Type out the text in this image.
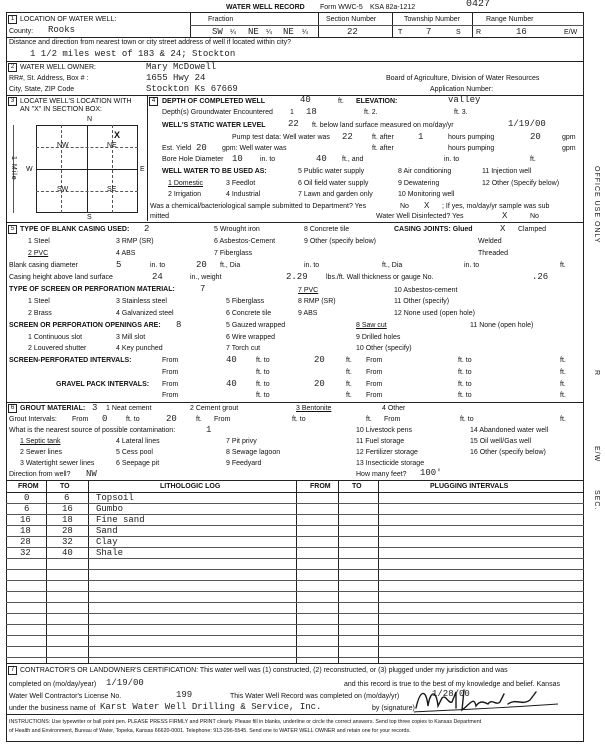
WATER WELL RECORD Form WWC-5 KSA 82a-1212	0427
1 LOCATION OF WATER WELL:	Fraction	Section Number	Township Number	Range Number
County: Rooks	SW ¼ NE ¼ NE ¼	22	T	7	S R	16	E/W
Distance and direction from nearest town or city street address of well if located within city?
1 1/2 miles west of 183 & 24; Stockton
2 WATER WELL OWNER:	Mary McDowell
RR#, St. Address, Box # :	1655 Hwy 24	Board of Agriculture, Division of Water Resources
City, State, ZIP Code	Stockton Ks 67669	Application Number:
3 LOCATE WELL'S LOCATION WITH
AN "X" IN SECTION BOX:
4
N
S
W	E
NW	NE
SW	SE
X
1 Mile
DEPTH OF COMPLETED WELL	40	ft. ELEVATION:	valley
Depth(s) Groundwater Encountered 1 18	ft. 2.	ft. 3.
WELL'S STATIC WATER LEVEL 22 ft. below land surface measured on mo/day/yr	1/19/00
Pump test data: Well water was 22	ft. after	1	hours pumping	20	gpm
Est. Yield 20 gpm: Well water was	ft. after	hours pumping	gpm
Bore Hole Diameter 10 in. to	40 ft., and	in. to	ft.
WELL WATER TO BE USED AS:	5 Public water supply	8 Air conditioning	11 Injection well
1 Domestic	3 Feedlot	6 Oil field water supply	9 Dewatering	12 Other (Specify below)
2 Irrigation	4 Industrial	7 Lawn and garden only	10 Monitoring well
Was a chemical/bacteriological sample submitted to Department? Yes	No X ; If yes, mo/day/yr sample was sub
mitted	Water Well Disinfected? Yes	X	No
5 TYPE OF BLANK CASING USED: 2	5 Wrought iron	8 Concrete tile	CASING JOINTS: Glued	X Clamped
1 Steel	3 RMP (SR)	6 Asbestos-Cement	9 Other (specify below)	Welded
2 PVC	4 ABS	7 Fiberglass	Threaded
Blank casing diameter	5	in. to	20 ft., Dia	in. to	ft., Dia	in. to	ft.
Casing height above land surface	24	in., weight	2.29	lbs./ft. Wall thickness or gauge No.	.26
TYPE OF SCREEN OR PERFORATION MATERIAL:	7	7 PVC	10 Asbestos-cement
1 Steel	3 Stainless steel	5 Fiberglass	8 RMP (SR)	11 Other (specify)
2 Brass	4 Galvanized steel	6 Concrete tile	9 ABS	12 None used (open hole)
SCREEN OR PERFORATION OPENINGS ARE: 8	5 Gauzed wrapped	8 Saw cut	11 None (open hole)
1 Continuous slot	3 Mill slot	6 Wire wrapped	9 Drilled holes
2 Louvered shutter	4 Key punched	7 Torch cut	10 Other (specify)
SCREEN-PERFORATED INTERVALS:	From	40	ft. to	20	ft. From	ft. to	ft.
From	ft. to	ft. From	ft. to	ft.
GRAVEL PACK INTERVALS: From	40	ft. to	20	ft. From	ft. to	ft.
From	ft. to	ft. From	ft. to	ft.
6 GROUT MATERIAL: 3 1 Neat cement	2 Cement grout	3 Bentonite	4 Other
Grout Intervals: From 0	ft. to	20	ft. From	ft. to	ft. From	ft. to	ft.
What is the nearest source of possible contamination:	1	10 Livestock pens	14 Abandoned water well
1 Septic tank	4 Lateral lines	7 Pit privy	11 Fuel storage	15 Oil well/Gas well
2 Sewer lines	5 Cess pool	8 Sewage lagoon	12 Fertilizer storage	16 Other (specify below)
3 Watertight sewer lines	6 Seepage pit	9 Feedyard	13 Insecticide storage
Direction from well? NW	How many feet? 100'
FROM	TO	LITHOLOGIC LOG	FROM	TO	PLUGGING INTERVALS
0	6	Topsoil
6	16	Gumbo
16	18	Fine sand
18	28	Sand
28	32	Clay
32	40	Shale
7 CONTRACTOR'S OR LANDOWNER'S CERTIFICATION: This water well was (1) constructed, (2) reconstructed, or (3) plugged under my jurisdiction and was
completed on (mo/day/year) 1/19/00	and this record is true to the best of my knowledge and belief. Kansas
Water Well Contractor's License No.	199	This Water Well Record was completed on (mo/day/yr)	1/28/00
under the business name of Karst Water Well Drilling & Service, Inc.	by (signature)
INSTRUCTIONS: Use typewriter or ball point pen. PLEASE PRESS FIRMLY and PRINT clearly. Please fill in blanks, underline or circle the correct answers. Send top three copies to Kansas Department
of Health and Environment, Bureau of Water, Topeka, Kansas 66620-0001. Telephone: 913-296-5545. Send one to WATER WELL OWNER and retain one for your records.
OFFICE USE ONLY
R
E/W
SEC.
